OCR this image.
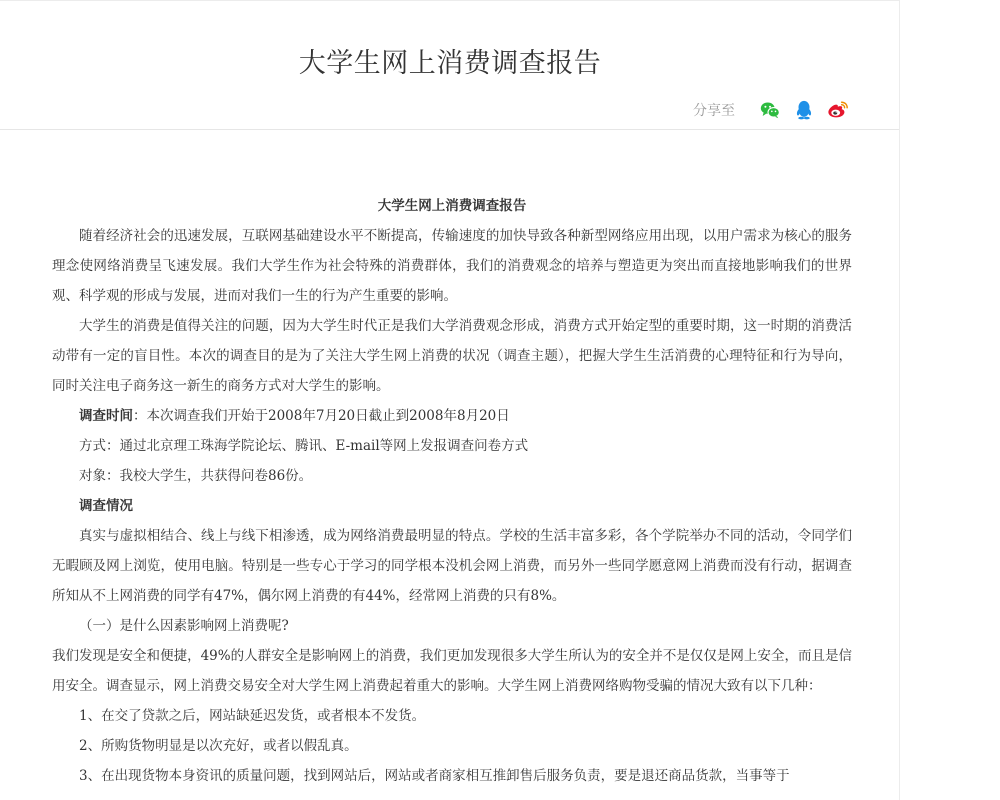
大学生网上消费调查报告
分享至

大学生网上消费调查报告

随着经济社会的迅速发展，互联网基础建设水平不断提高，传输速度的加快导致各种新型网络应用出现，以用户需求为核心的服务理念使网络消费呈飞速发展。我们大学生作为社会特殊的消费群体，我们的消费观念的培养与塑造更为突出而直接地影响我们的世界观、科学观的形成与发展，进而对我们一生的行为产生重要的影响。

大学生的消费是值得关注的问题，因为大学生时代正是我们大学消费观念形成，消费方式开始定型的重要时期，这一时期的消费活动带有一定的盲目性。本次的调查目的是为了关注大学生网上消费的状况（调查主题），把握大学生生活消费的心理特征和行为导向，同时关注电子商务这一新生的商务方式对大学生的影响。

调查时间：本次调查我们开始于2008年7月20日截止到2008年8月20日

方式：通过北京理工珠海学院论坛、腾讯、E-mail等网上发报调查问卷方式

对象：我校大学生，共获得问卷86份。

调查情况

真实与虚拟相结合、线上与线下相渗透，成为网络消费最明显的特点。学校的生活丰富多彩，各个学院举办不同的活动，令同学们无暇顾及网上浏览，使用电脑。特别是一些专心于学习的同学根本没机会网上消费，而另外一些同学愿意网上消费而没有行动，据调查所知从不上网消费的同学有47%，偶尔网上消费的有44%，经常网上消费的只有8%。

（一）是什么因素影响网上消费呢?

我们发现是安全和便捷，49%的人群安全是影响网上的消费，我们更加发现很多大学生所认为的安全并不是仅仅是网上安全，而且是信用安全。调查显示，网上消费交易安全对大学生网上消费起着重大的影响。大学生网上消费网络购物受骗的情况大致有以下几种：

1、在交了贷款之后，网站缺延迟发货，或者根本不发货。

2、所购货物明显是以次充好，或者以假乱真。

3、在出现货物本身资讯的质量问题，找到网站后，网站或者商家相互推卸售后服务负责，要是退还商品货款，当事等于
